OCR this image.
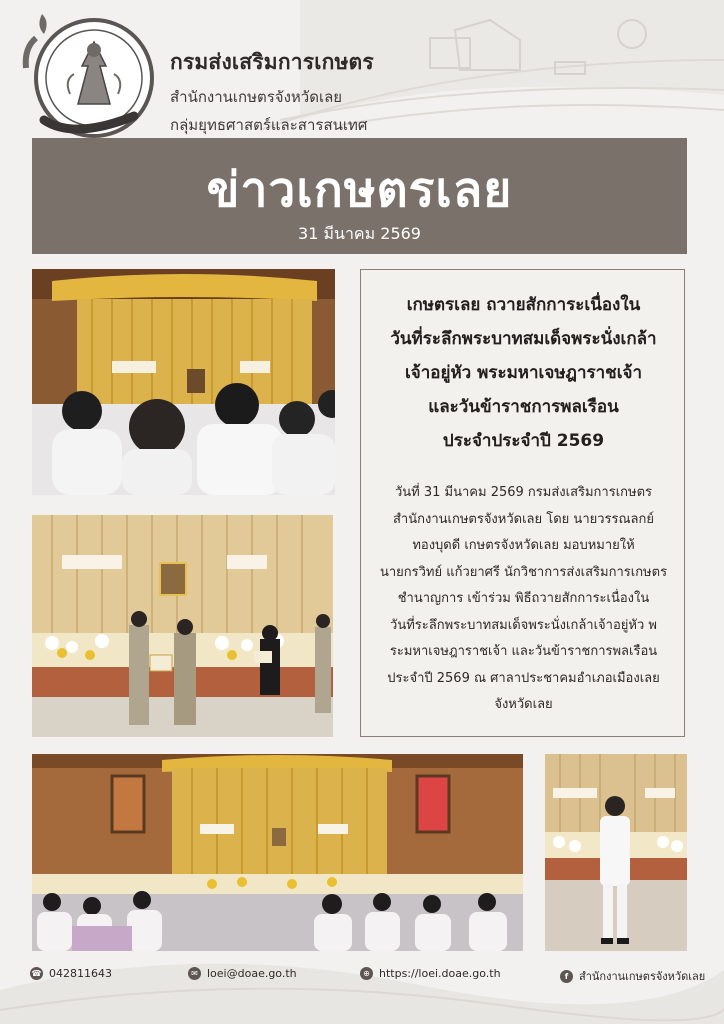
กรมส่งเสริมการเกษตร
สำนักงานเกษตรจังหวัดเลย
กลุ่มยุทธศาสตร์และสารสนเทศ
ข่าวเกษตรเลย
31 มีนาคม 2569
เกษตรเลย ถวายสักการะเนื่องใน
วันที่ระลึกพระบาทสมเด็จพระนั่งเกล้า
เจ้าอยู่หัว พระมหาเจษฎาราชเจ้า
และวันข้าราชการพลเรือน
ประจำประจำปี 2569
วันที่ 31 มีนาคม 2569 กรมส่งเสริมการเกษตร
สำนักงานเกษตรจังหวัดเลย โดย นายวรรณลกย์
ทองบุดดี เกษตรจังหวัดเลย มอบหมายให้
นายกรวิทย์ แก้วยาศรี นักวิชาการส่งเสริมการเกษตร
ชำนาญการ เข้าร่วม พิธีถวายสักการะเนื่องใน
วันที่ระลึกพระบาทสมเด็จพระนั่งเกล้าเจ้าอยู่หัว พ
ระมหาเจษฎาราชเจ้า และวันข้าราชการพลเรือน
ประจำปี 2569 ณ ศาลาประชาคมอำเภอเมืองเลย
จังหวัดเลย
☎ 042811643	✉ loei@doae.go.th	⊕ https://loei.doae.go.th	f สำนักงานเกษตรจังหวัดเลย
